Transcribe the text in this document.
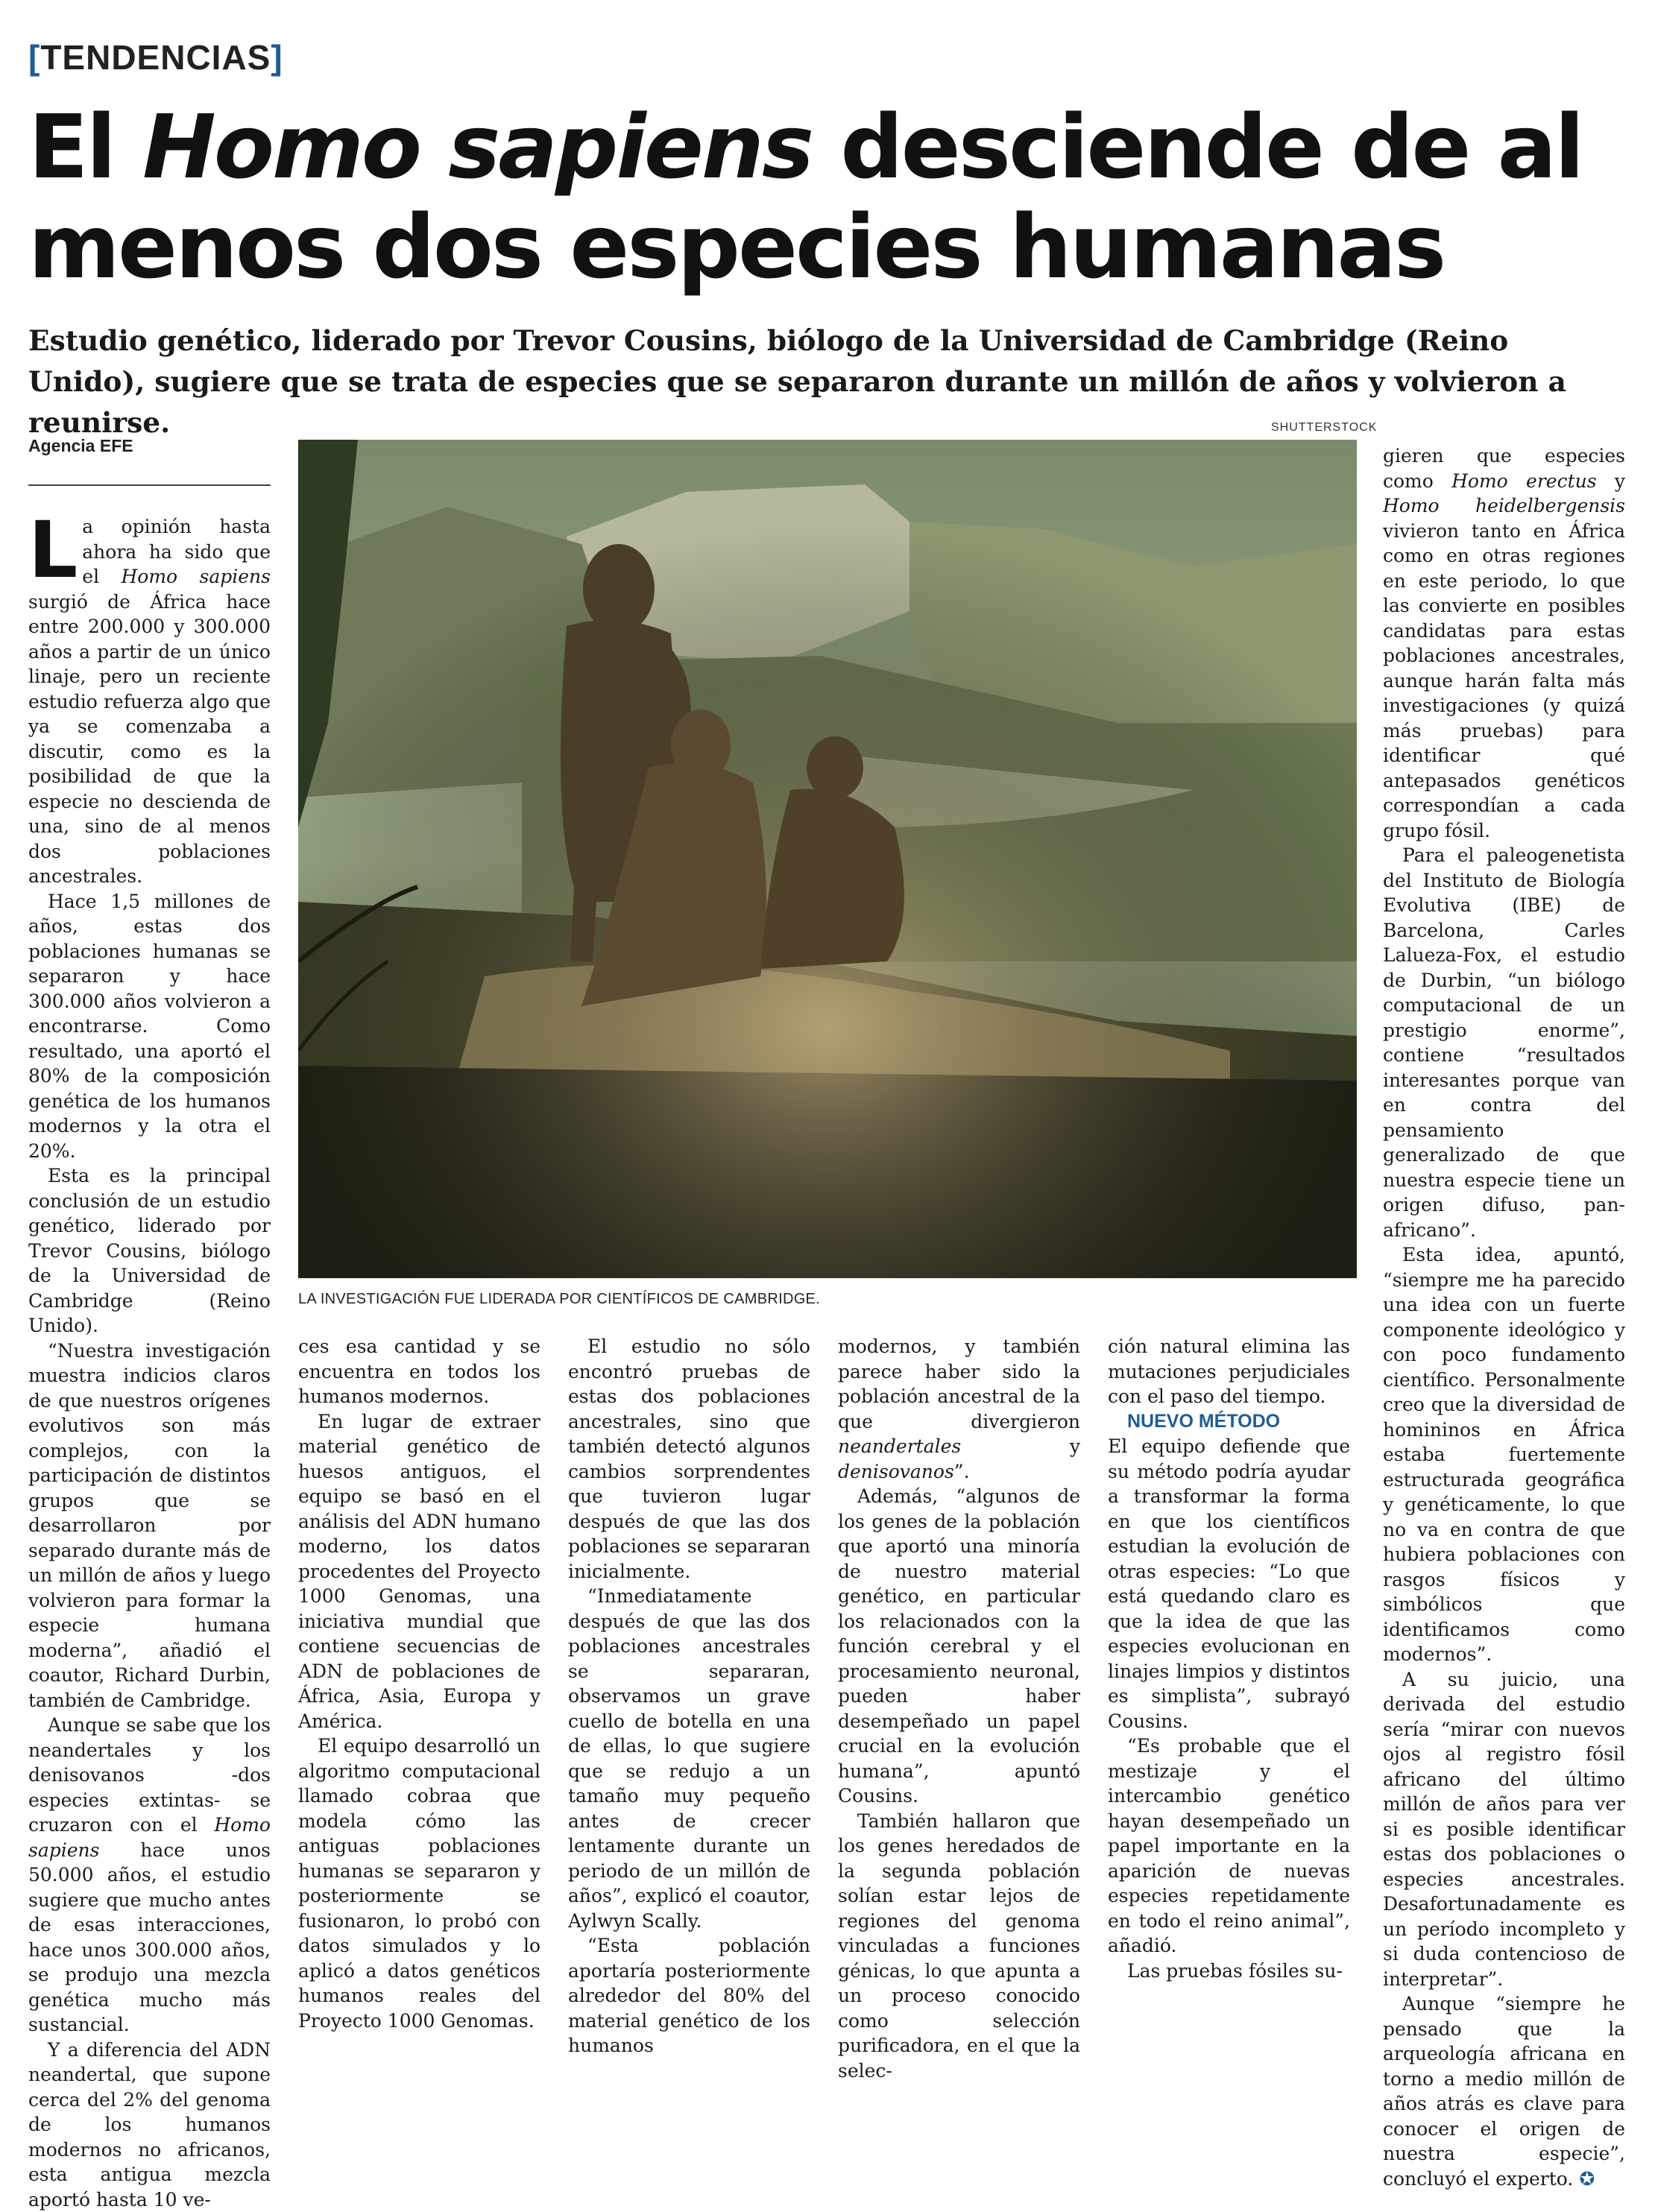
[TENDENCIAS]
El Homo sapiens desciende de al menos dos especies humanas
Estudio genético, liderado por Trevor Cousins, biólogo de la Universidad de Cambridge (Reino Unido), sugiere que se trata de especies que se separaron durante un millón de años y volvieron a reunirse.
Agencia EFE
SHUTTERSTOCK
LA INVESTIGACIÓN FUE LIDERADA POR CIENTÍFICOS DE CAMBRIDGE.

La opinión hasta ahora ha sido que el Homo sapiens surgió de África hace entre 200.000 y 300.000 años a partir de un único linaje, pero un reciente estudio refuerza algo que ya se comenzaba a discutir, como es la posibilidad de que la especie no descienda de una, sino de al menos dos poblaciones ancestrales.

Hace 1,5 millones de años, estas dos poblaciones humanas se separaron y hace 300.000 años volvieron a encontrarse. Como resultado, una aportó el 80% de la composición genética de los humanos modernos y la otra el 20%.

Esta es la principal conclusión de un estudio genético, liderado por Trevor Cousins, biólogo de la Universidad de Cambridge (Reino Unido).

“Nuestra investigación muestra indicios claros de que nuestros orígenes evolutivos son más complejos, con la participación de distintos grupos que se desarrollaron por separado durante más de un millón de años y luego volvieron para formar la especie humana moderna”, añadió el coautor, Richard Durbin, también de Cambridge.

Aunque se sabe que los neandertales y los denisovanos -dos especies extintas- se cruzaron con el Homo sapiens hace unos 50.000 años, el estudio sugiere que mucho antes de esas interacciones, hace unos 300.000 años, se produjo una mezcla genética mucho más sustancial.

Y a diferencia del ADN neandertal, que supone cerca del 2% del genoma de los humanos modernos no africanos, esta antigua mezcla aportó hasta 10 ve-

ces esa cantidad y se encuentra en todos los humanos modernos.

En lugar de extraer material genético de huesos antiguos, el equipo se basó en el análisis del ADN humano moderno, los datos procedentes del Proyecto 1000 Genomas, una iniciativa mundial que contiene secuencias de ADN de poblaciones de África, Asia, Europa y América.

El equipo desarrolló un algoritmo computacional llamado cobraa que modela cómo las antiguas poblaciones humanas se separaron y posteriormente se fusionaron, lo probó con datos simulados y lo aplicó a datos genéticos humanos reales del Proyecto 1000 Genomas.

El estudio no sólo encontró pruebas de estas dos poblaciones ancestrales, sino que también detectó algunos cambios sorprendentes que tuvieron lugar después de que las dos poblaciones se separaran inicialmente.

“Inmediatamente después de que las dos poblaciones ancestrales se separaran, observamos un grave cuello de botella en una de ellas, lo que sugiere que se redujo a un tamaño muy pequeño antes de crecer lentamente durante un periodo de un millón de años”, explicó el coautor, Aylwyn Scally.

“Esta población aportaría posteriormente alrededor del 80% del material genético de los humanos

modernos, y también parece haber sido la población ancestral de la que divergieron neandertales y denisovanos”.

Además, “algunos de los genes de la población que aportó una minoría de nuestro material genético, en particular los relacionados con la función cerebral y el procesamiento neuronal, pueden haber desempeñado un papel crucial en la evolución humana”, apuntó Cousins.

También hallaron que los genes heredados de la segunda población solían estar lejos de regiones del genoma vinculadas a funciones génicas, lo que apunta a un proceso conocido como selección purificadora, en el que la selec-

ción natural elimina las mutaciones perjudiciales con el paso del tiempo.

NUEVO MÉTODO

El equipo defiende que su método podría ayudar a transformar la forma en que los científicos estudian la evolución de otras especies: “Lo que está quedando claro es que la idea de que las especies evolucionan en linajes limpios y distintos es simplista”, subrayó Cousins.

“Es probable que el mestizaje y el intercambio genético hayan desempeñado un papel importante en la aparición de nuevas especies repetidamente en todo el reino animal”, añadió.

Las pruebas fósiles su-

gieren que especies como Homo erectus y Homo heidelbergensis vivieron tanto en África como en otras regiones en este periodo, lo que las convierte en posibles candidatas para estas poblaciones ancestrales, aunque harán falta más investigaciones (y quizá más pruebas) para identificar qué antepasados genéticos correspondían a cada grupo fósil.

Para el paleogenetista del Instituto de Biología Evolutiva (IBE) de Barcelona, Carles Lalueza-Fox, el estudio de Durbin, “un biólogo computacional de un prestigio enorme”, contiene “resultados interesantes porque van en contra del pensamiento generalizado de que nuestra especie tiene un origen difuso, pan-africano”.

Esta idea, apuntó, “siempre me ha parecido una idea con un fuerte componente ideológico y con poco fundamento científico. Personalmente creo que la diversidad de homininos en África estaba fuertemente estructurada geográfica y genéticamente, lo que no va en contra de que hubiera poblaciones con rasgos físicos y simbólicos que identificamos como modernos”.

A su juicio, una derivada del estudio sería “mirar con nuevos ojos al registro fósil africano del último millón de años para ver si es posible identificar estas dos poblaciones o especies ancestrales. Desafortunadamente es un período incompleto y si duda contencioso de interpretar”.

Aunque “siempre he pensado que la arqueología africana en torno a medio millón de años atrás es clave para conocer el origen de nuestra especie”, concluyó el experto. ✪
